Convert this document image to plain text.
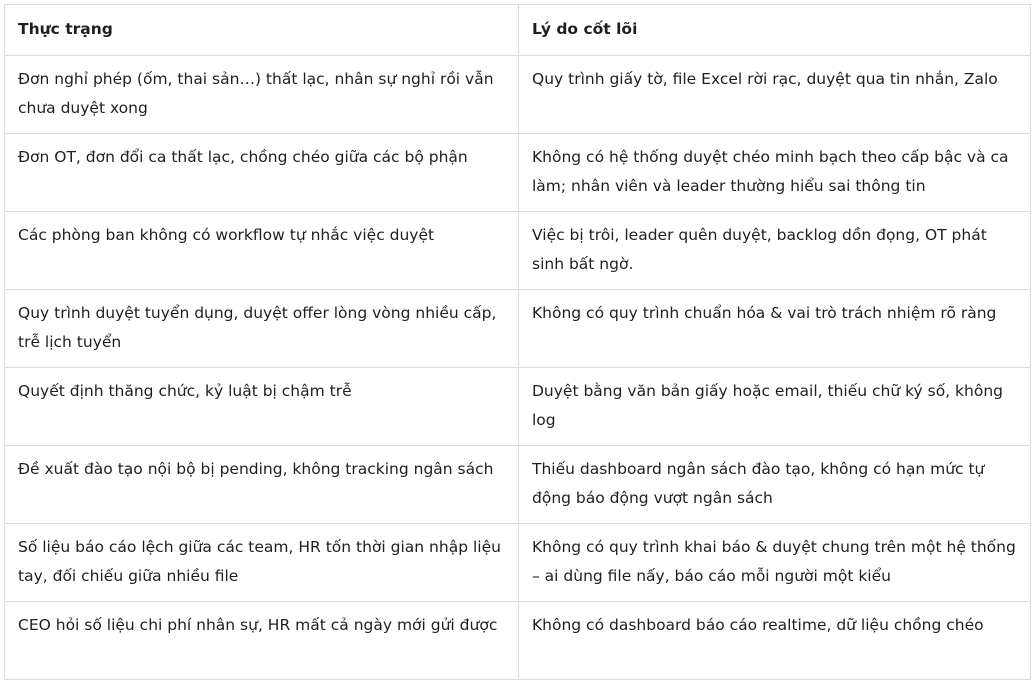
Thực trạng	Lý do cốt lõi
Đơn nghỉ phép (ốm, thai sản…) thất lạc, nhân sự nghỉ rồi vẫn chưa duyệt xong	Quy trình giấy tờ, file Excel rời rạc, duyệt qua tin nhắn, Zalo
Đơn OT, đơn đổi ca thất lạc, chồng chéo giữa các bộ phận	Không có hệ thống duyệt chéo minh bạch theo cấp bậc và ca làm; nhân viên và leader thường hiểu sai thông tin
Các phòng ban không có workflow tự nhắc việc duyệt	Việc bị trôi, leader quên duyệt, backlog dồn đọng, OT phát sinh bất ngờ.
Quy trình duyệt tuyển dụng, duyệt offer lòng vòng nhiều cấp, trễ lịch tuyển	Không có quy trình chuẩn hóa & vai trò trách nhiệm rõ ràng
Quyết định thăng chức, kỷ luật bị chậm trễ	Duyệt bằng văn bản giấy hoặc email, thiếu chữ ký số, không log
Đề xuất đào tạo nội bộ bị pending, không tracking ngân sách	Thiếu dashboard ngân sách đào tạo, không có hạn mức tự động báo động vượt ngân sách
Số liệu báo cáo lệch giữa các team, HR tốn thời gian nhập liệu tay, đối chiếu giữa nhiều file	Không có quy trình khai báo & duyệt chung trên một hệ thống – ai dùng file nấy, báo cáo mỗi người một kiểu
CEO hỏi số liệu chi phí nhân sự, HR mất cả ngày mới gửi được	Không có dashboard báo cáo realtime, dữ liệu chồng chéo
